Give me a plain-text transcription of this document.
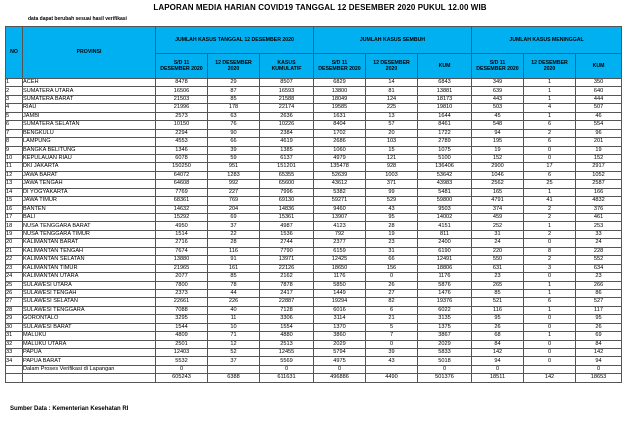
LAPORAN MEDIA HARIAN COVID19 TANGGAL 12 DESEMBER 2020 PUKUL 12.00 WIB
data dapat berubah sesuai hasil verifikasi
NO	PROVINSI	JUMLAH KASUS TANGGAL 12 DESEMBER 2020			JUMLAH KASUS SEMBUH			JUMLAH KASUS MENINGGAL		
		S/D 11
DESEMBER 2020	12 DESEMBER
2020	KASUS
KUMULATIF	S/D 11
DESEMBER 2020	12 DESEMBER
2020	KUM	S/D 11
DESEMBER 2020	12 DESEMBER
2020	KUM
1	ACEH	8478	29	8507	6829	14	6843	349	1	350
2	SUMATERA UTARA	16506	87	16593	13800	81	13881	639	1	640
3	SUMATERA BARAT	21503	85	21588	18049	124	18173	443	1	444
4	RIAU	21996	178	22174	19585	225	19810	503	4	507
5	JAMBI	2573	63	2636	1631	13	1644	45	1	46
6	SUMATERA SELATAN	10150	76	10226	8404	57	8461	548	6	554
7	BENGKULU	2294	90	2384	1702	20	1722	94	2	96
8	LAMPUNG	4553	66	4619	2686	103	2789	195	6	201
9	BANGKA BELITUNG	1346	39	1385	1060	15	1075	19	0	19
10	KEPULAUAN RIAU	6078	59	6137	4979	121	5100	152	0	152
11	DKI JAKARTA	150250	951	151201	135478	928	136406	2900	17	2917
12	JAWA BARAT	64072	1283	65355	52639	1003	53642	1046	6	1052
13	JAWA TENGAH	64608	992	65600	43612	371	43983	2562	25	2587
14	DI YOGYAKARTA	7769	227	7996	5382	99	5481	165	1	166
15	JAWA TIMUR	68361	769	69130	59271	529	59800	4791	41	4832
16	BANTEN	14632	204	14836	9460	43	9503	374	2	376
17	BALI	15292	69	15361	13907	95	14002	459	2	461
18	NUSA TENGGARA BARAT	4950	37	4987	4123	28	4151	252	1	253
19	NUSA TENGGARA TIMUR	1514	22	1536	792	19	811	31	2	33
20	KALIMANTAN BARAT	2716	28	2744	2377	23	2400	24	0	24
21	KALIMANTAN TENGAH	7674	116	7790	6159	31	6190	220	8	228
22	KALIMANTAN SELATAN	13880	91	13971	12425	66	12491	550	2	552
23	KALIMANTAN TIMUR	21965	161	22126	18650	156	18806	631	3	634
24	KALIMANTAN UTARA	2077	85	2162	1176	0	1176	23	0	23
25	SULAWESI UTARA	7800	78	7878	5850	26	5876	265	1	266
26	SULAWESI TENGAH	2373	44	2417	1449	27	1476	85	1	86
27	SULAWESI SELATAN	22661	226	22887	19294	82	19376	521	6	527
28	SULAWESI TENGGARA	7088	40	7128	6016	6	6022	116	1	117
29	GORONTALO	3295	11	3306	3114	21	3135	95	0	95
30	SULAWESI BARAT	1544	10	1554	1370	5	1375	26	0	26
31	MALUKU	4809	71	4880	3860	7	3867	68	1	69
32	MALUKU UTARA	2501	12	2513	2029	0	2029	84	0	84
33	PAPUA	12403	52	12455	5794	39	5833	142	0	142
34	PAPUA BARAT	5532	37	5569	4975	43	5018	94	0	94
	Dalam Proses Verifikasi di Lapangan	0		0	0		0	0		0
		605243	6388	611631	496886	4490	501376	18511	142	18653
Sumber Data : Kementerian Kesehatan RI
